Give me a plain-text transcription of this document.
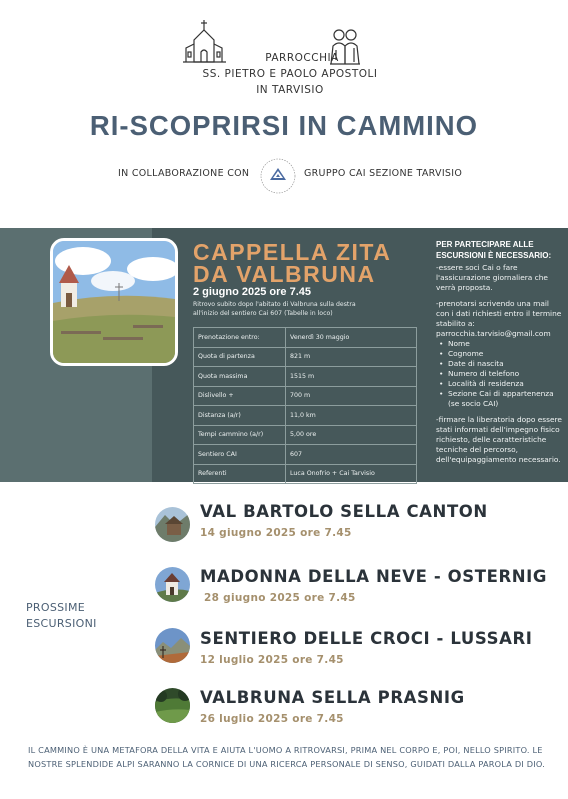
PARROCCHIA
SS. PIETRO E PAOLO APOSTOLI
IN TARVISIO
RI-SCOPRIRSI IN CAMMINO
IN COLLABORAZIONE CON	GRUPPO CAI SEZIONE TARVISIO
CAPPELLA ZITA
DA VALBRUNA
2 giugno 2025 ore 7.45
Ritrovo subito dopo l'abitato di Valbruna sulla destra
all'inizio del sentiero Cai 607 (Tabelle in loco)
Prenotazione entro:	Venerdì 30 maggio
Quota di partenza	821 m
Quota massima	1515 m
Dislivello +	700 m
Distanza (a/r)	11,0 km
Tempi cammino (a/r)	5,00 ore
Sentiero CAI	607
Referenti	Luca Onofrio + Cai Tarvisio
PER PARTECIPARE ALLE ESCURSIONI È NECESSARIO:

-essere soci Cai o fare l'assicurazione giornaliera che verrà proposta.

-prenotarsi scrivendo una mail con i dati richiesti entro il termine stabilito a:

parrocchia.tarvisio@gmail.com
• Nome
• Cognome
• Date di nascita
• Numero di telefono
• Località di residenza
• Sezione Cai di appartenenza (se socio CAI)

-firmare la liberatoria dopo essere stati informati dell'impegno fisico richiesto, delle caratteristiche tecniche del percorso, dell'equipaggiamento necessario.

PROSSIME
ESCURSIONI
VAL BARTOLO SELLA CANTON
14 giugno 2025 ore 7.45
MADONNA DELLA NEVE - OSTERNIG
28 giugno 2025 ore 7.45
SENTIERO DELLE CROCI - LUSSARI
12 luglio 2025 ore 7.45
VALBRUNA SELLA PRASNIG
26 luglio 2025 ore 7.45
IL CAMMINO È UNA METAFORA DELLA VITA E AIUTA L'UOMO A RITROVARSI, PRIMA NEL CORPO E, POI, NELLO SPIRITO. LE
NOSTRE SPLENDIDE ALPI SARANNO LA CORNICE DI UNA RICERCA PERSONALE DI SENSO, GUIDATI DALLA PAROLA DI DIO.
